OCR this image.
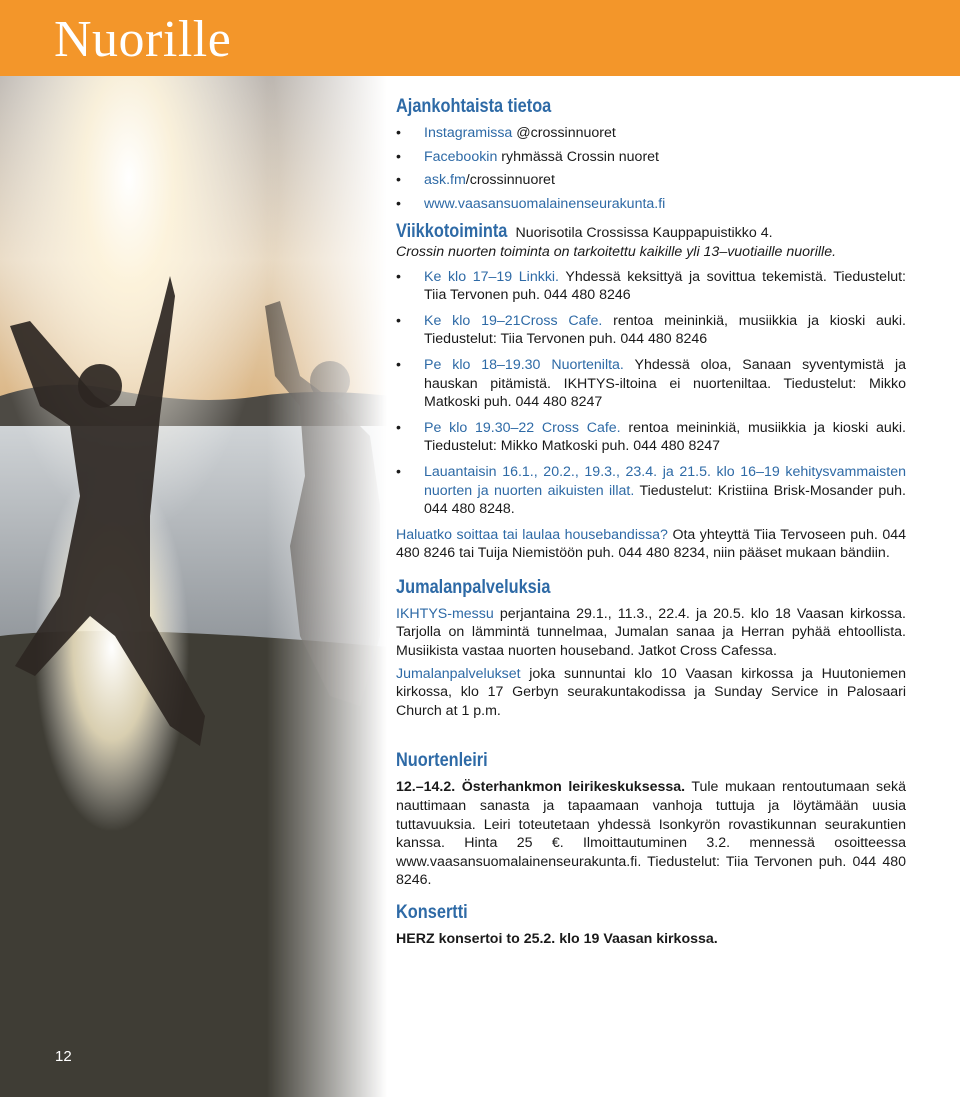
Nuorille
Ajankohtaista tietoa
• Instagramissa @crossinnuoret
• Facebookin ryhmässä Crossin nuoret
• ask.fm/crossinnuoret
• www.vaasansuomalainenseurakunta.fi

Viikkotoiminta Nuorisotila Crossissa Kauppapuistikko 4.

Crossin nuorten toiminta on tarkoitettu kaikille yli 13–vuotiaille nuorille.

• Ke klo 17–19 Linkki. Yhdessä keksittyä ja sovittua tekemistä. Tiedustelut: Tiia Tervonen puh. 044 480 8246
• Ke klo 19–21Cross Cafe. rentoa meininkiä, musiikkia ja kioski auki. Tiedustelut: Tiia Tervonen puh. 044 480 8246
• Pe klo 18–19.30 Nuortenilta. Yhdessä oloa, Sanaan syventymistä ja hauskan pitämistä. IKHTYS-iltoina ei nuorteniltaa. Tiedustelut: Mikko Matkoski puh. 044 480 8247
• Pe klo 19.30–22 Cross Cafe. rentoa meininkiä, musiikkia ja kioski auki. Tiedustelut: Mikko Matkoski puh. 044 480 8247
• Lauantaisin 16.1., 20.2., 19.3., 23.4. ja 21.5. klo 16–19 kehitysvammaisten nuorten ja nuorten aikuisten illat. Tiedustelut: Kristiina Brisk-Mosander puh. 044 480 8248.

Haluatko soittaa tai laulaa housebandissa? Ota yhteyttä Tiia Tervoseen puh. 044 480 8246 tai Tuija Niemistöön puh. 044 480 8234, niin pääset mukaan bändiin.

Jumalanpalveluksia

IKHTYS-messu perjantaina 29.1., 11.3., 22.4. ja 20.5. klo 18 Vaasan kirkossa. Tarjolla on lämmintä tunnelmaa, Jumalan sanaa ja Herran pyhää ehtoollista. Musiikista vastaa nuorten houseband. Jatkot Cross Cafessa.

Jumalanpalvelukset joka sunnuntai klo 10 Vaasan kirkossa ja Huutoniemen kirkossa, klo 17 Gerbyn seurakuntakodissa ja Sunday Service in Palosaari Church at 1 p.m.

Nuortenleiri

12.–14.2. Österhankmon leirikeskuksessa. Tule mukaan rentoutumaan sekä nauttimaan sanasta ja tapaamaan vanhoja tuttuja ja löytämään uusia tuttavuuksia. Leiri toteutetaan yhdessä Isonkyrön rovastikunnan seurakuntien kanssa. Hinta 25 €. Ilmoittautuminen 3.2. mennessä osoitteessa www.vaasansuomalainenseurakunta.fi. Tiedustelut: Tiia Tervonen puh. 044 480 8246.

Konsertti

HERZ konsertoi to 25.2. klo 19 Vaasan kirkossa.

12
